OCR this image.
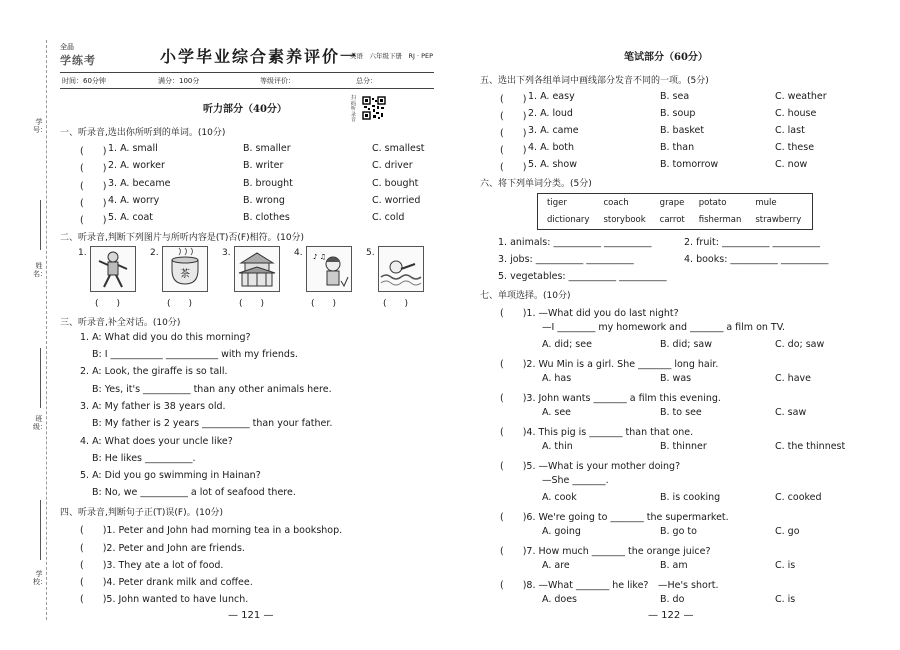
学号：
姓名：
班级：
学校：
全品
学练考	小学毕业综合素养评价一
英语　六年级下册　RJ · PEP
时间：60分钟	满分：100分	等级评价：	总分：
听力部分（40分）
扫码听录音
一、听录音,选出你所听到的单词。(10分)
(　　) 1. A. small	B. smaller	C. smallest
(　　) 2. A. worker	B. writer	C. driver
(　　) 3. A. became	B. brought	C. bought
(　　) 4. A. worry	B. wrong	C. worried
(　　) 5. A. coat	B. clothes	C. cold
二、听录音,判断下列图片与所听内容是(T)否(F)相符。(10分)
1.	2.	3.	4.	5.
茶
♪ ♫
(　　)	(　　)	(　　)	(　　)	(　　)
三、听录音,补全对话。(10分)
1. A: What did you do this morning?
B: I ___________ ___________ with my friends.
2. A: Look, the giraffe is so tall.
B: Yes, it's __________ than any other animals here.
3. A: My father is 38 years old.
B: My father is 2 years __________ than your father.
4. A: What does your uncle like?
B: He likes __________.
5. A: Did you go swimming in Hainan?
B: No, we __________ a lot of seafood there.
四、听录音,判断句子正(T)误(F)。(10分)
(　　)1. Peter and John had morning tea in a bookshop.
(　　)2. Peter and John are friends.
(　　)3. They ate a lot of food.
(　　)4. Peter drank milk and coffee.
(　　)5. John wanted to have lunch.
— 121 —
笔试部分（60分）
五、选出下列各组单词中画线部分发音不同的一项。(5分)
(　　) 1. A. easy	B. sea	C. weather
(　　) 2. A. loud	B. soup	C. house
(　　) 3. A. came	B. basket	C. last
(　　) 4. A. both	B. than	C. these
(　　) 5. A. show	B. tomorrow	C. now
六、将下列单词分类。(5分)
tiger	coach	grape	potato	mule
dictionary	storybook	carrot	fisherman	strawberry
1. animals: __________ __________	2. fruit: __________ __________
3. jobs: __________ __________	4. books: __________ __________
5. vegetables: __________ __________
七、单项选择。(10分)
(　　)1. —What did you do last night?
—I ________ my homework and _______ a film on TV.
A. did; see	B. did; saw	C. do; saw
(　　)2. Wu Min is a girl. She _______ long hair.
A. has	B. was	C. have
(　　)3. John wants _______ a film this evening.
A. see	B. to see	C. saw
(　　)4. This pig is _______ than that one.
A. thin	B. thinner	C. the thinnest
(　　)5. —What is your mother doing?
—She _______.
A. cook	B. is cooking	C. cooked
(　　)6. We're going to _______ the supermarket.
A. going	B. go to	C. go
(　　)7. How much _______ the orange juice?
A. are	B. am	C. is
(　　)8. —What _______ he like?　—He's short.
A. does	B. do	C. is
— 122 —
